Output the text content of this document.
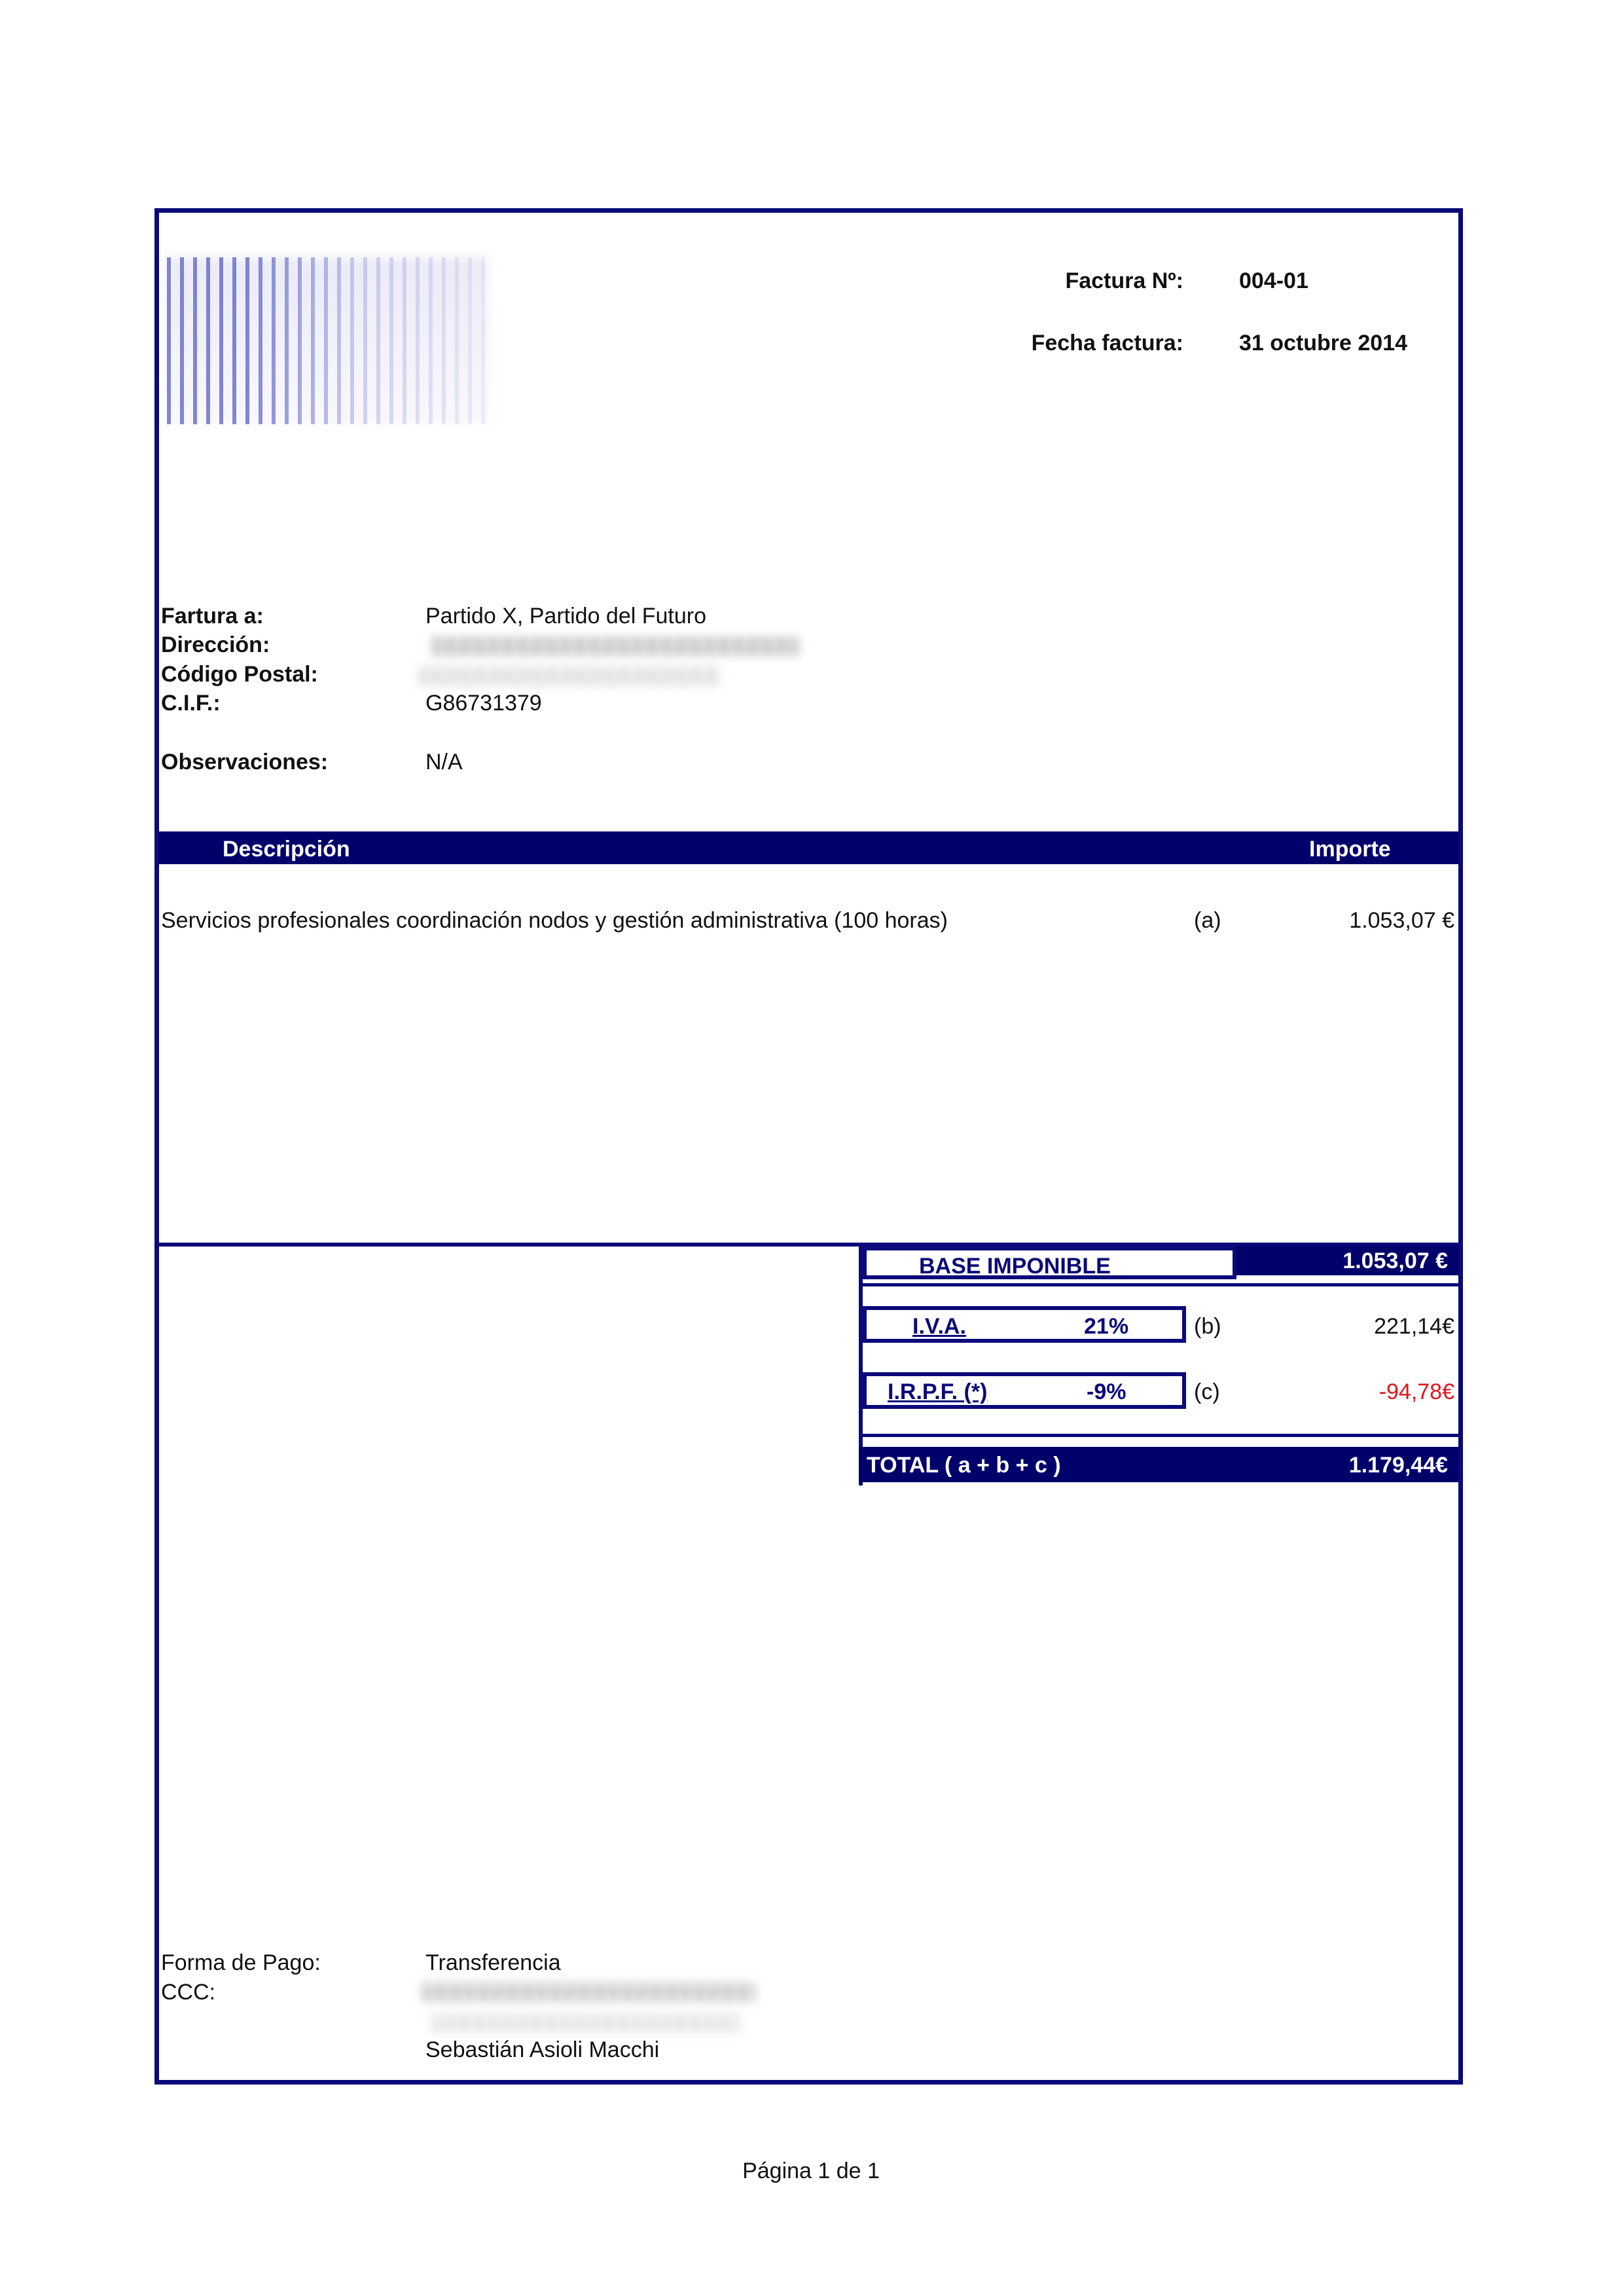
Factura Nº:	004-01
Fecha factura:	31 octubre 2014
Fartura a:	Partido X, Partido del Futuro
Dirección:
Código Postal:
C.I.F.:	G86731379
Observaciones:	N/A
Descripción	Importe
Servicios profesionales coordinación nodos y gestión administrativa (100 horas)	(a)	1.053,07 €
BASE IMPONIBLE	1.053,07 €
I.V.A.	21%	(b)	221,14€
I.R.P.F. (*)	-9%	(c)	-94,78€
TOTAL ( a + b + c )	1.179,44€
Forma de Pago:	Transferencia
CCC:
Sebastián Asioli Macchi
Página 1 de 1
